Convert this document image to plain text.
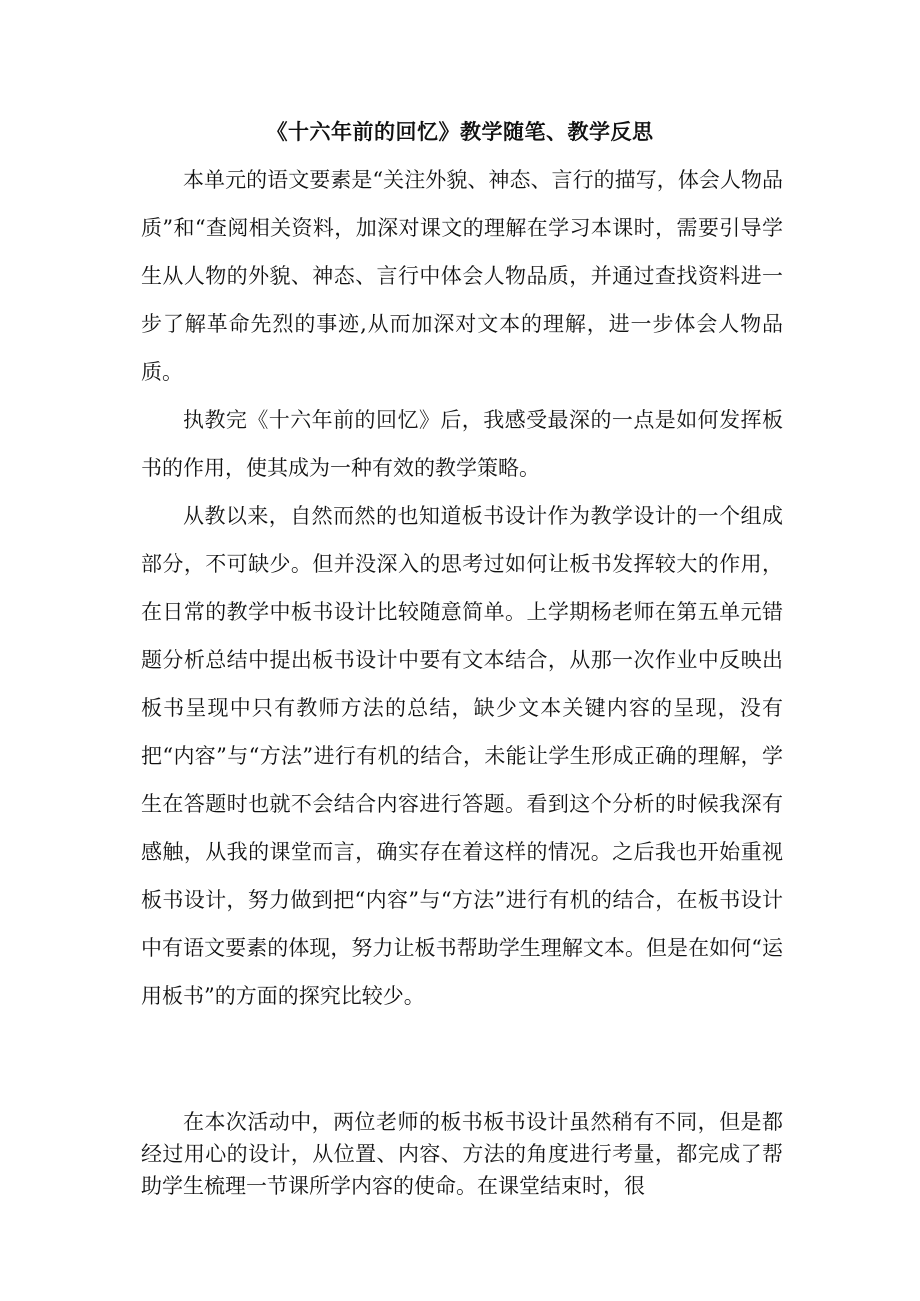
《十六年前的回忆》教学随笔、教学反思

本单元的语文要素是“关注外貌、神态、言行的描写，体会人物品质”和“查阅相关资料，加深对课文的理解在学习本课时，需要引导学生从人物的外貌、神态、言行中体会人物品质，并通过查找资料进一步了解革命先烈的事迹,从而加深对文本的理解，进一步体会人物品质。

执教完《十六年前的回忆》后，我感受最深的一点是如何发挥板书的作用，使其成为一种有效的教学策略。

从教以来，自然而然的也知道板书设计作为教学设计的一个组成部分，不可缺少。但并没深入的思考过如何让板书发挥较大的作用，在日常的教学中板书设计比较随意简单。上学期杨老师在第五单元错题分析总结中提出板书设计中要有文本结合，从那一次作业中反映出板书呈现中只有教师方法的总结，缺少文本关键内容的呈现，没有把“内容”与“方法”进行有机的结合，未能让学生形成正确的理解，学生在答题时也就不会结合内容进行答题。看到这个分析的时候我深有感触，从我的课堂而言，确实存在着这样的情况。之后我也开始重视板书设计，努力做到把“内容”与“方法”进行有机的结合，在板书设计中有语文要素的体现，努力让板书帮助学生理解文本。但是在如何“运用板书”的方面的探究比较少。

在本次活动中，两位老师的板书板书设计虽然稍有不同，但是都经过用心的设计，从位置、内容、方法的角度进行考量，都完成了帮助学生梳理一节课所学内容的使命。在课堂结束时，很
